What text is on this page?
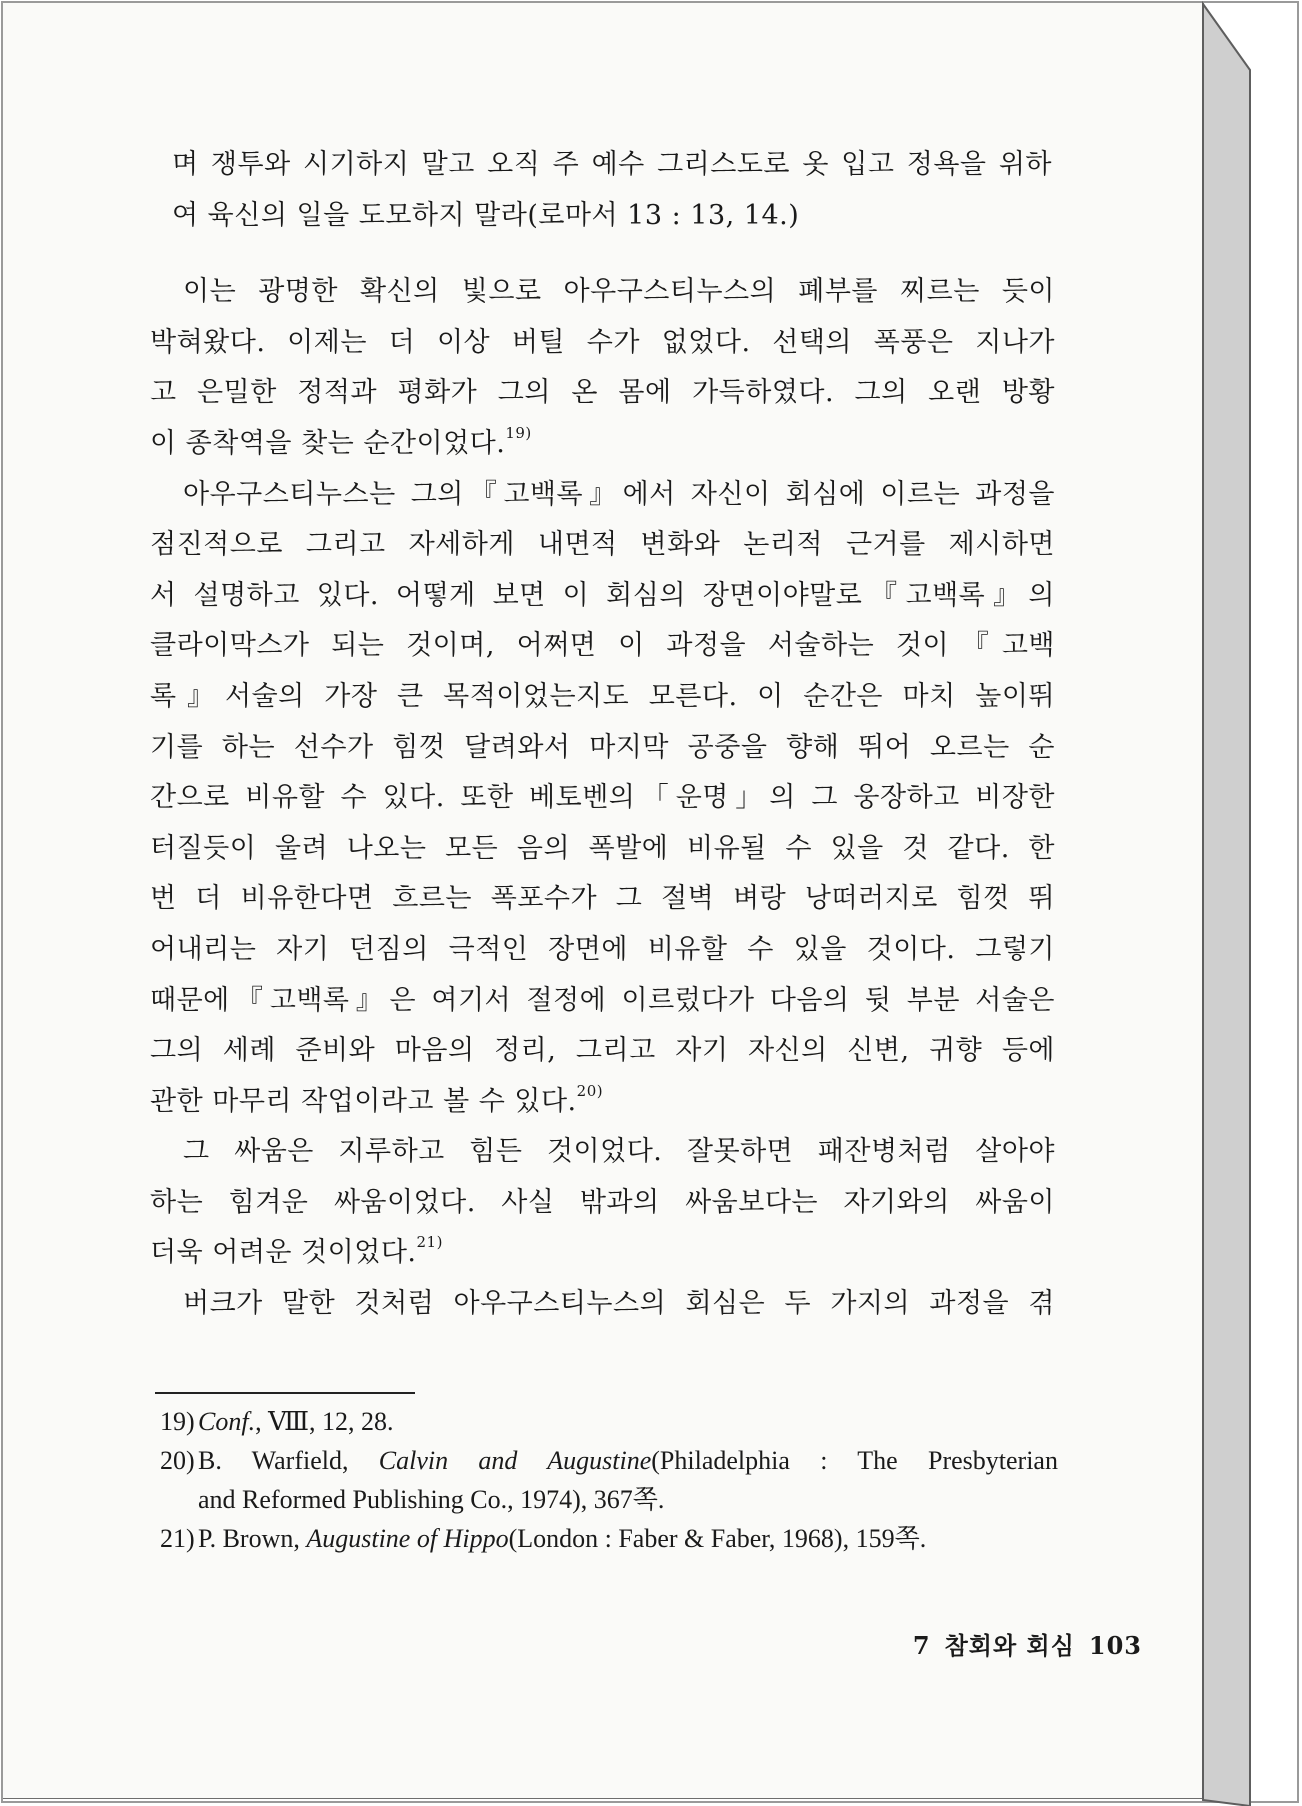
며 쟁투와 시기하지 말고 오직 주 예수 그리스도로 옷 입고 정욕을 위하
여 육신의 일을 도모하지 말라(로마서 13 : 13, 14.)
이는 광명한 확신의 빛으로 아우구스티누스의 폐부를 찌르는 듯이
박혀왔다. 이제는 더 이상 버틸 수가 없었다. 선택의 폭풍은 지나가
고 은밀한 정적과 평화가 그의 온 몸에 가득하였다. 그의 오랜 방황
이 종착역을 찾는 순간이었다.$^{19)}$
아우구스티누스는 그의『고백록』에서 자신이 회심에 이르는 과정을
점진적으로 그리고 자세하게 내면적 변화와 논리적 근거를 제시하면
서 설명하고 있다. 어떻게 보면 이 회심의 장면이야말로『고백록』의
클라이막스가 되는 것이며, 어쩌면 이 과정을 서술하는 것이『고백
록』서술의 가장 큰 목적이었는지도 모른다. 이 순간은 마치 높이뛰
기를 하는 선수가 힘껏 달려와서 마지막 공중을 향해 뛰어 오르는 순
간으로 비유할 수 있다. 또한 베토벤의「운명」의 그 웅장하고 비장한
터질듯이 울려 나오는 모든 음의 폭발에 비유될 수 있을 것 같다. 한
번 더 비유한다면 흐르는 폭포수가 그 절벽 벼랑 낭떠러지로 힘껏 뛰
어내리는 자기 던짐의 극적인 장면에 비유할 수 있을 것이다. 그렇기
때문에『고백록』은 여기서 절정에 이르렀다가 다음의 뒷 부분 서술은
그의 세례 준비와 마음의 정리, 그리고 자기 자신의 신변, 귀향 등에
관한 마무리 작업이라고 볼 수 있다.$^{20)}$
그 싸움은 지루하고 힘든 것이었다. 잘못하면 패잔병처럼 살아야
하는 힘겨운 싸움이었다. 사실 밖과의 싸움보다는 자기와의 싸움이
더욱 어려운 것이었다.$^{21)}$
버크가 말한 것처럼 아우구스티누스의 회심은 두 가지의 과정을 겪
19) Conf., Ⅷ, 12, 28.
20) B. Warfield, Calvin and Augustine(Philadelphia : The Presbyterian
and Reformed Publishing Co., 1974), 367쪽.
21) P. Brown, Augustine of Hippo(London : Faber & Faber, 1968), 159쪽.
7 참회와 회심 103
